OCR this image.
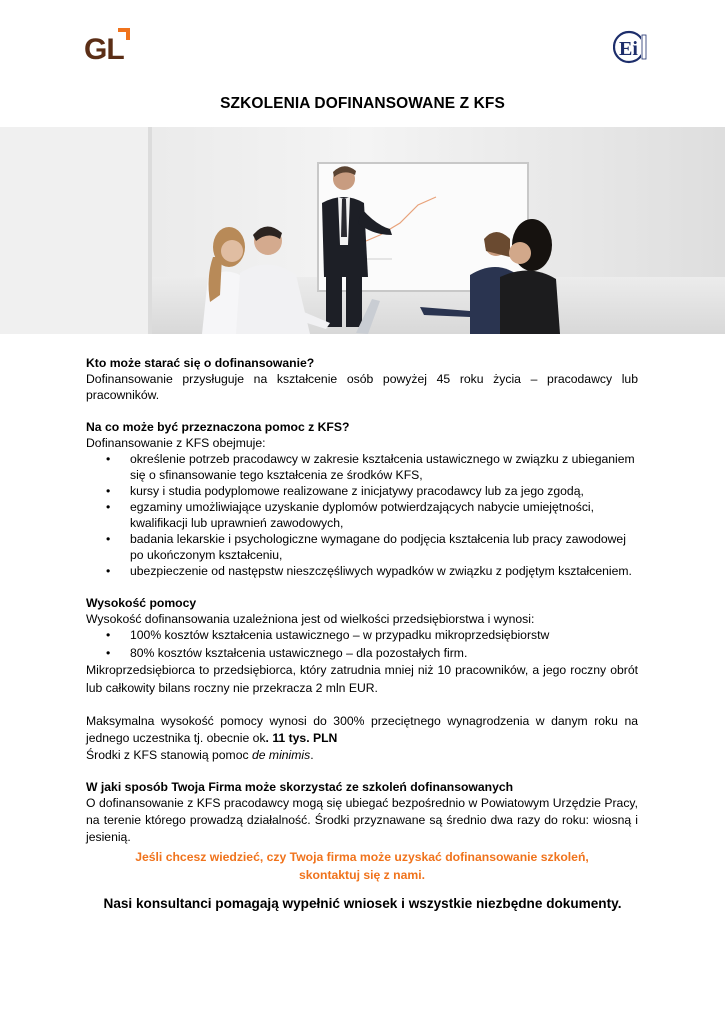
GL	Ei
SZKOLENIA DOFINANSOWANE Z KFS

Kto może starać się o dofinansowanie?

Dofinansowanie przysługuje na kształcenie osób powyżej 45 roku życia – pracodawcy lub pracowników.

Na co może być przeznaczona pomoc z KFS?

Dofinansowanie z KFS obejmuje:

• określenie potrzeb pracodawcy w zakresie kształcenia ustawicznego w związku z ubieganiem się o sfinansowanie tego kształcenia ze środków KFS,
• kursy i studia podyplomowe realizowane z inicjatywy pracodawcy lub za jego zgodą,
• egzaminy umożliwiające uzyskanie dyplomów potwierdzających nabycie umiejętności, kwalifikacji lub uprawnień zawodowych,
• badania lekarskie i psychologiczne wymagane do podjęcia kształcenia lub pracy zawodowej po ukończonym kształceniu,
• ubezpieczenie od następstw nieszczęśliwych wypadków w związku z podjętym kształceniem.

Wysokość pomocy

Wysokość dofinansowania uzależniona jest od wielkości przedsiębiorstwa i wynosi:

• 100% kosztów kształcenia ustawicznego – w przypadku mikroprzedsiębiorstw
• 80% kosztów kształcenia ustawicznego – dla pozostałych firm.

Mikroprzedsiębiorca to przedsiębiorca, który zatrudnia mniej niż 10 pracowników, a jego roczny obrót lub całkowity bilans roczny nie przekracza 2 mln EUR.

Maksymalna wysokość pomocy wynosi do 300% przeciętnego wynagrodzenia w danym roku na jednego uczestnika tj. obecnie ok. 11 tys. PLN

Środki z KFS stanowią pomoc de minimis.

W jaki sposób Twoja Firma może skorzystać ze szkoleń dofinansowanych

O dofinansowanie z KFS pracodawcy mogą się ubiegać bezpośrednio w Powiatowym Urzędzie Pracy, na terenie którego prowadzą działalność. Środki przyznawane są średnio dwa razy do roku: wiosną i jesienią.

Jeśli chcesz wiedzieć, czy Twoja firma może uzyskać dofinansowanie szkoleń,
skontaktuj się z nami.
Nasi konsultanci pomagają wypełnić wniosek i wszystkie niezbędne dokumenty.
